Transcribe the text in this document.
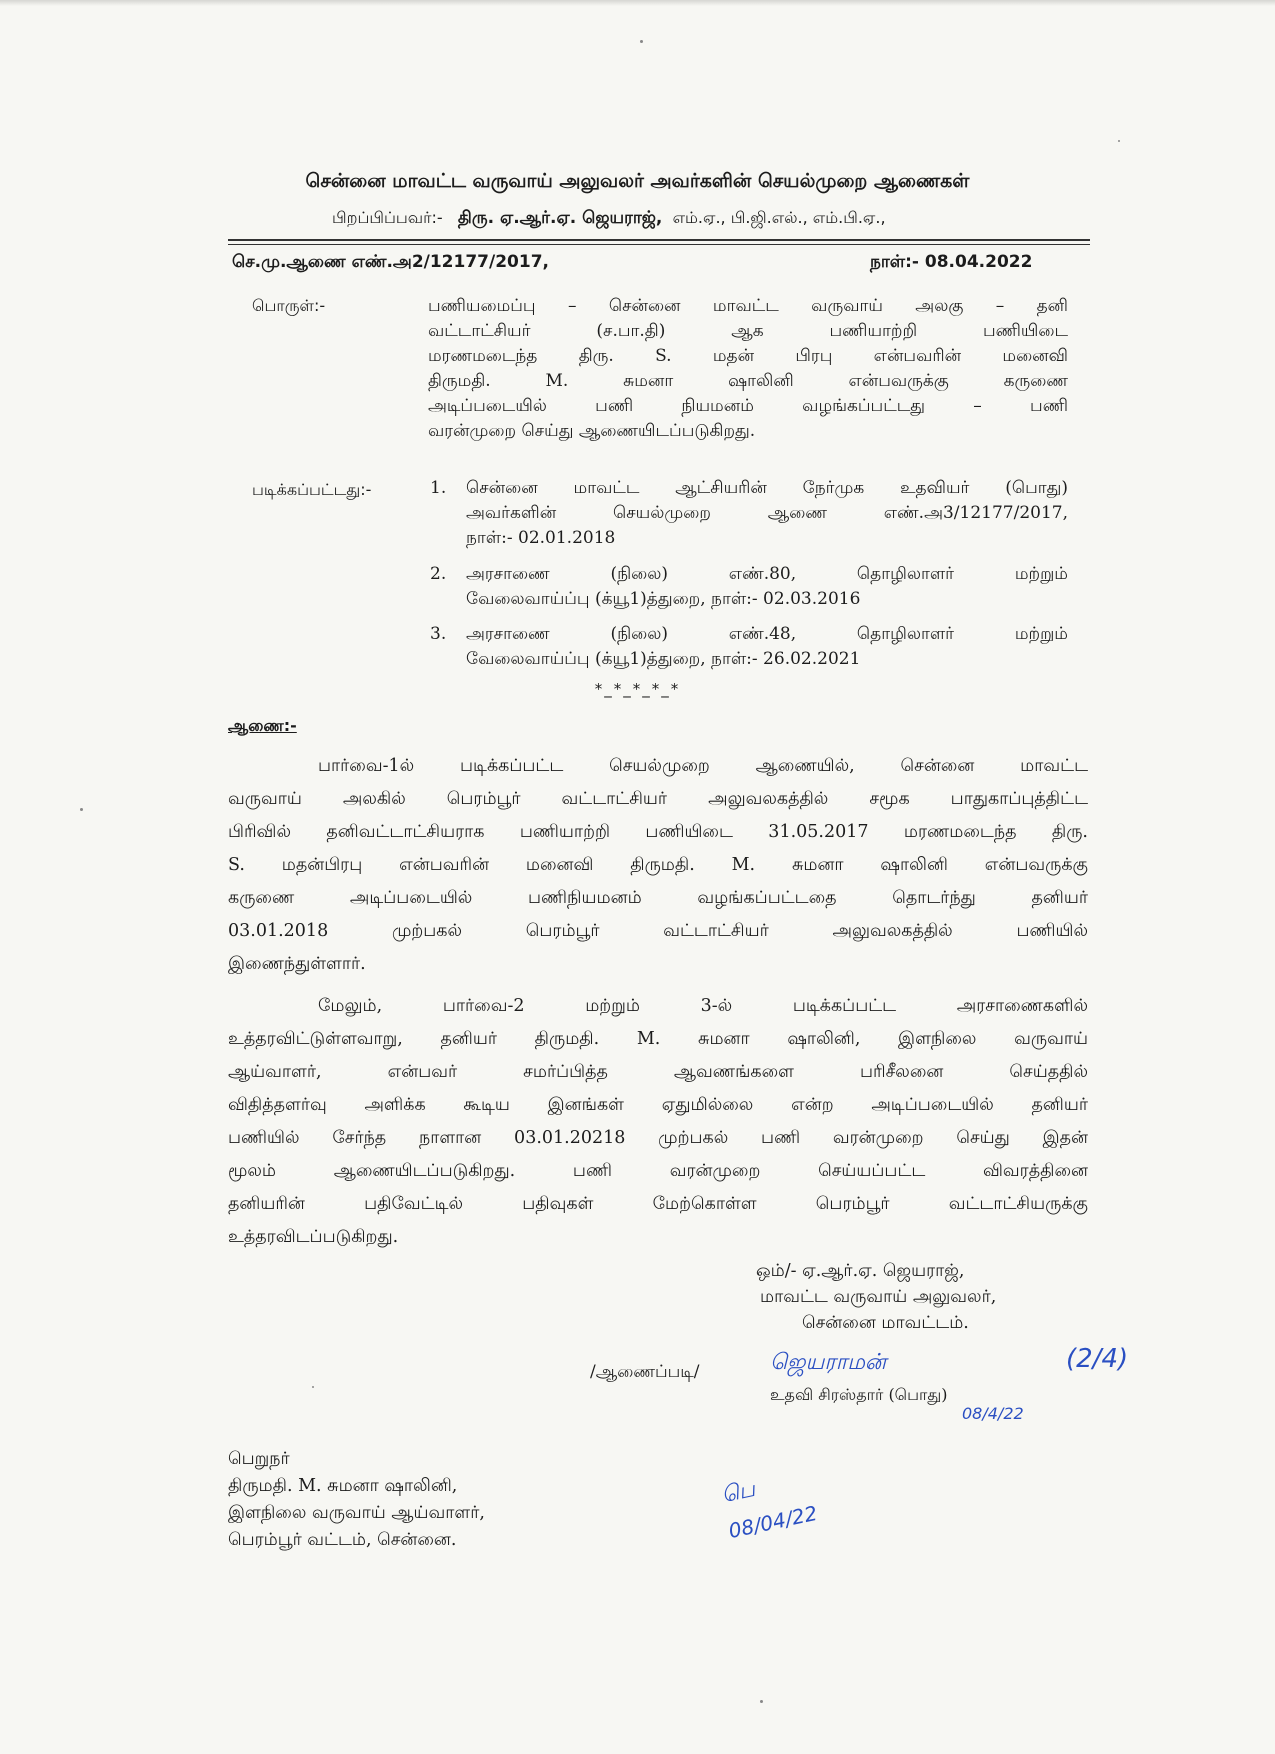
சென்னை மாவட்ட வருவாய் அலுவலர் அவர்களின் செயல்முறை ஆணைகள்
பிறப்பிப்பவர்:- திரு. ஏ.ஆர்.ஏ. ஜெயராஜ், எம்.ஏ., பி.ஜி.எல்., எம்.பி.ஏ.,
செ.மு.ஆணை எண்.அ2/12177/2017,	நாள்:- 08.04.2022
பொருள்:-	பணியமைப்பு – சென்னை மாவட்ட வருவாய் அலகு – தனி
வட்டாட்சியர் (ச.பா.தி) ஆக பணியாற்றி பணியிடை
மரணமடைந்த திரு. S. மதன் பிரபு என்பவரின் மனைவி
திருமதி. M. சுமனா ஷாலினி என்பவருக்கு கருணை
அடிப்படையில் பணி நியமனம் வழங்கப்பட்டது – பணி
வரன்முறை செய்து ஆணையிடப்படுகிறது.
படிக்கப்பட்டது:-	1. சென்னை மாவட்ட ஆட்சியரின் நேர்முக உதவியர் (பொது)
அவர்களின் செயல்முறை ஆணை எண்.அ3/12177/2017,
நாள்:- 02.01.2018
2. அரசாணை (நிலை) எண்.80, தொழிலாளர் மற்றும்
வேலைவாய்ப்பு (க்யூ1)த்துறை, நாள்:- 02.03.2016
3. அரசாணை (நிலை) எண்.48, தொழிலாளர் மற்றும்
வேலைவாய்ப்பு (க்யூ1)த்துறை, நாள்:- 26.02.2021
*_*_*_*_*
ஆணை:-
பார்வை-1ல் படிக்கப்பட்ட செயல்முறை ஆணையில், சென்னை மாவட்ட
வருவாய் அலகில் பெரம்பூர் வட்டாட்சியர் அலுவலகத்தில் சமூக பாதுகாப்புத்திட்ட
பிரிவில் தனிவட்டாட்சியராக பணியாற்றி பணியிடை 31.05.2017 மரணமடைந்த திரு.
S. மதன்பிரபு என்பவரின் மனைவி திருமதி. M. சுமனா ஷாலினி என்பவருக்கு
கருணை அடிப்படையில் பணிநியமனம் வழங்கப்பட்டதை தொடர்ந்து தனியர்
03.01.2018 முற்பகல் பெரம்பூர் வட்டாட்சியர் அலுவலகத்தில் பணியில்
இணைந்துள்ளார்.
மேலும், பார்வை-2 மற்றும் 3-ல் படிக்கப்பட்ட அரசாணைகளில்
உத்தரவிட்டுள்ளவாறு, தனியர் திருமதி. M. சுமனா ஷாலினி, இளநிலை வருவாய்
ஆய்வாளர், என்பவர் சமர்ப்பித்த ஆவணங்களை பரிசீலனை செய்ததில்
விதித்தளர்வு அளிக்க கூடிய இனங்கள் ஏதுமில்லை என்ற அடிப்படையில் தனியர்
பணியில் சேர்ந்த நாளான 03.01.20218 முற்பகல் பணி வரன்முறை செய்து இதன்
மூலம் ஆணையிடப்படுகிறது. பணி வரன்முறை செய்யப்பட்ட விவரத்தினை
தனியரின் பதிவேட்டில் பதிவுகள் மேற்கொள்ள பெரம்பூர் வட்டாட்சியருக்கு
உத்தரவிடப்படுகிறது.
ஒம்/- ஏ.ஆர்.ஏ. ஜெயராஜ்,
மாவட்ட வருவாய் அலுவலர்,
சென்னை மாவட்டம்.
/ஆணைப்படி/	ஜெயராமன்
உதவி சிரஸ்தார் (பொது)
(2/4)
08/4/22
பெறுநர்
திருமதி. M. சுமனா ஷாலினி,
இளநிலை வருவாய் ஆய்வாளர்,
பெரம்பூர் வட்டம், சென்னை.
பெ
08/04/22
